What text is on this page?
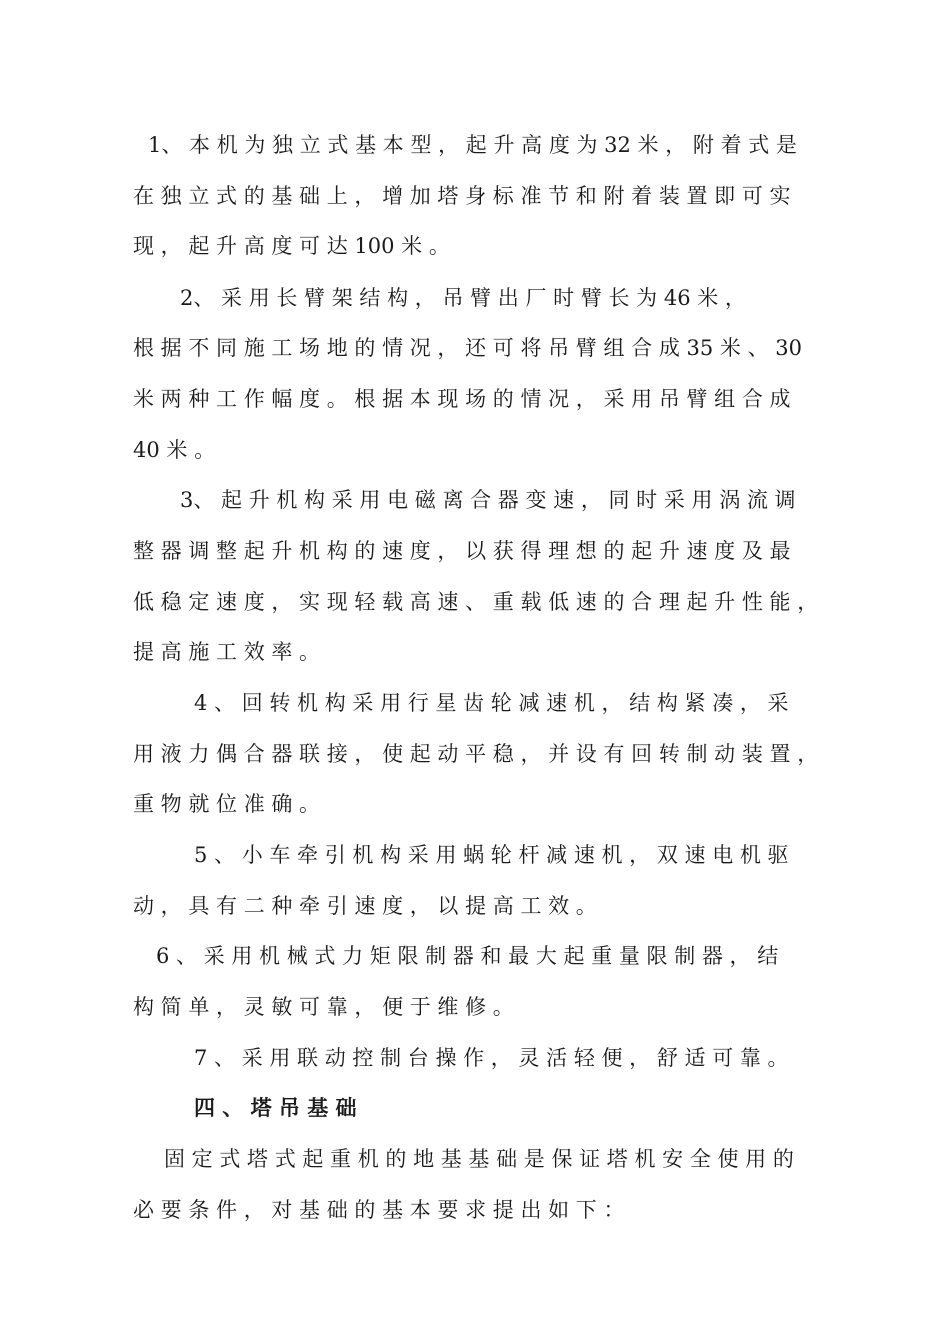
1、 本 机 为 独 立 式 基 本 型 ， 起 升 高 度 为 32 米 ， 附 着 式 是
在 独 立 式 的 基 础 上 ， 增 加 塔 身 标 准 节 和 附 着 装 置 即 可 实
现 ， 起 升 高 度 可 达 100 米 。
2、 采 用 长 臂 架 结 构 ， 吊 臂 出 厂 时 臂 长 为 46 米 ，
根 据 不 同 施 工 场 地 的 情 况 ， 还 可 将 吊 臂 组 合 成 35 米 、 30
米 两 种 工 作 幅 度 。 根 据 本 现 场 的 情 况 ， 采 用 吊 臂 组 合 成
40 米 。
3、 起 升 机 构 采 用 电 磁 离 合 器 变 速 ， 同 时 采 用 涡 流 调
整 器 调 整 起 升 机 构 的 速 度 ， 以 获 得 理 想 的 起 升 速 度 及 最
低 稳 定 速 度 ， 实 现 轻 载 高 速 、 重 载 低 速 的 合 理 起 升 性 能 ，
提 高 施 工 效 率 。
4 、 回 转 机 构 采 用 行 星 齿 轮 减 速 机 ， 结 构 紧 凑 ， 采
用 液 力 偶 合 器 联 接 ， 使 起 动 平 稳 ， 并 设 有 回 转 制 动 装 置 ，
重 物 就 位 准 确 。
5 、 小 车 牵 引 机 构 采 用 蜗 轮 杆 减 速 机 ， 双 速 电 机 驱
动 ， 具 有 二 种 牵 引 速 度 ， 以 提 高 工 效 。
6 、 采 用 机 械 式 力 矩 限 制 器 和 最 大 起 重 量 限 制 器 ， 结
构 简 单 ， 灵 敏 可 靠 ， 便 于 维 修 。
7 、 采 用 联 动 控 制 台 操 作 ， 灵 活 轻 便 ， 舒 适 可 靠 。
四 、 塔 吊 基 础
固 定 式 塔 式 起 重 机 的 地 基 基 础 是 保 证 塔 机 安 全 使 用 的
必 要 条 件 ， 对 基 础 的 基 本 要 求 提 出 如 下 ：
